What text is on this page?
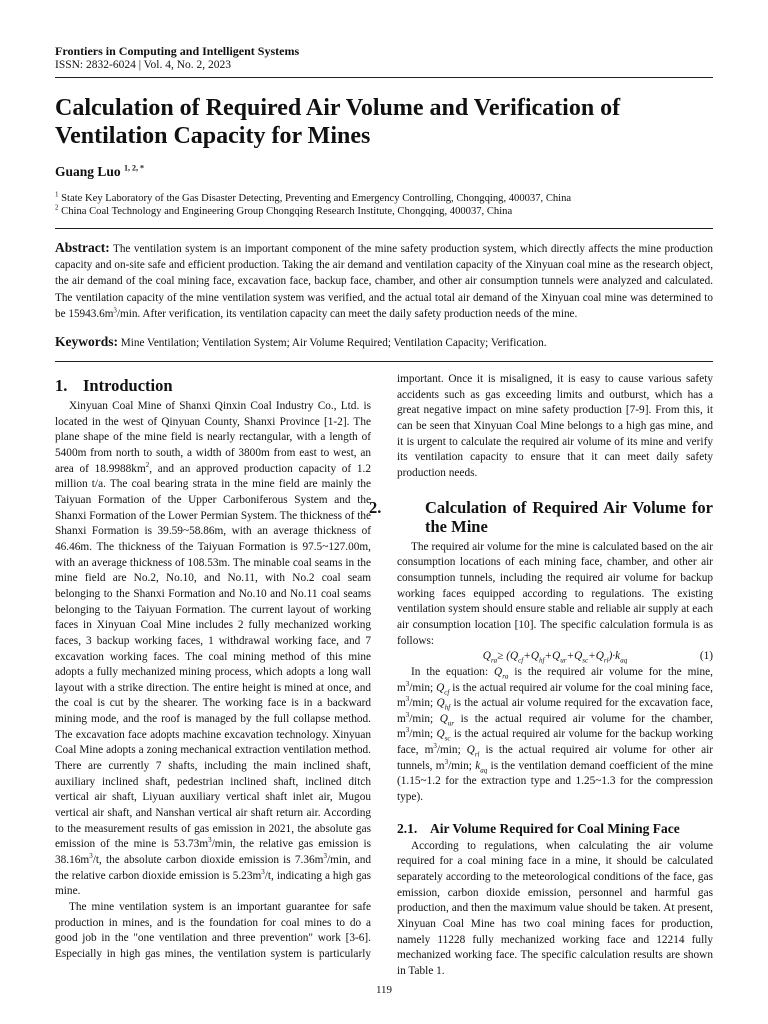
Frontiers in Computing and Intelligent Systems
ISSN: 2832-6024 | Vol. 4, No. 2, 2023
Calculation of Required Air Volume and Verification of Ventilation Capacity for Mines
Guang Luo $^{1, 2, *}$
$^1$ State Key Laboratory of the Gas Disaster Detecting, Preventing and Emergency Controlling, Chongqing, 400037, China
$^2$ China Coal Technology and Engineering Group Chongqing Research Institute, Chongqing, 400037, China
Abstract: The ventilation system is an important component of the mine safety production system, which directly affects the mine production capacity and on-site safe and efficient production. Taking the air demand and ventilation capacity of the Xinyuan coal mine as the research object, the air demand of the coal mining face, excavation face, backup face, chamber, and other air consumption tunnels were analyzed and calculated. The ventilation capacity of the mine ventilation system was verified, and the actual total air demand of the Xinyuan coal mine was determined to be $15943.6m^3/\min$. After verification, its ventilation capacity can meet the daily safety production needs of the mine.
Keywords: Mine Ventilation; Ventilation System; Air Volume Required; Ventilation Capacity; Verification.
1. Introduction

Xinyuan Coal Mine of Shanxi Qinxin Coal Industry Co., Ltd. is located in the west of Qinyuan County, Shanxi Province [1-2]. The plane shape of the mine field is nearly rectangular, with a length of 5400m from north to south, a width of 3800m from east to west, an area of $18.9988km^2$, and an approved production capacity of 1.2 million t/a. The coal bearing strata in the mine field are mainly the Taiyuan Formation of the Upper Carboniferous System and the Shanxi Formation of the Lower Permian System. The thickness of the Shanxi Formation is 39.59~58.86m, with an average thickness of 46.46m. The thickness of the Taiyuan Formation is 97.5~127.00m, with an average thickness of 108.53m. The minable coal seams in the mine field are No.2, No.10, and No.11, with No.2 coal seam belonging to the Shanxi Formation and No.10 and No.11 coal seams belonging to the Taiyuan Formation. The current layout of working faces in Xinyuan Coal Mine includes 2 fully mechanized working faces, 3 backup working faces, 1 withdrawal working face, and 7 excavation working faces. The coal mining method of this mine adopts a fully mechanized mining process, which adopts a long wall layout with a strike direction. The entire height is mined at once, and the coal is cut by the shearer. The working face is in a backward mining mode, and the roof is managed by the full collapse method. The excavation face adopts machine excavation technology. Xinyuan Coal Mine adopts a zoning mechanical extraction ventilation method. There are currently 7 shafts, including the main inclined shaft, auxiliary inclined shaft, pedestrian inclined shaft, inclined ditch vertical air shaft, Liyuan auxiliary vertical shaft inlet air, Mugou vertical air shaft, and Nanshan vertical air shaft return air. According to the measurement results of gas emission in 2021, the absolute gas emission of the mine is $53.73m^3/\min$, the relative gas emission is $38.16m^3/t$, the absolute carbon dioxide emission is $7.36m^3/\min$, and the relative carbon dioxide emission is $5.23m^3/t$, indicating a high gas mine.

The mine ventilation system is an important guarantee for safe production in mines, and is the foundation for coal mines to do a good job in the "one ventilation and three prevention" work [3-6]. Especially in high gas mines, the ventilation system is particularly

important. Once it is misaligned, it is easy to cause various safety accidents such as gas exceeding limits and outburst, which has a great negative impact on mine safety production [7-9]. From this, it can be seen that Xinyuan Coal Mine belongs to a high gas mine, and it is urgent to calculate the required air volume of its mine and verify its ventilation capacity to ensure that it can meet daily safety production needs.

2.	Calculation of Required Air Volume for the Mine

The required air volume for the mine is calculated based on the air consumption locations of each mining face, chamber, and other air consumption tunnels, including the required air volume for backup working faces equipped according to regulations. The existing ventilation system should ensure stable and reliable air supply at each air consumption location [10]. The specific calculation formula is as follows:

$Q_{ra}\ge (Q_{cf}+Q_{hf}+Q_{ur}+Q_{sc}+Q_{rl})\cdot k_{aq}$	(1)

In the equation: $Q_{ra}$ is the required air volume for the mine, $m^3/\min$; $Q_{cf}$ is the actual required air volume for the coal mining face, $m^3/\min$; $Q_{hf}$ is the actual air volume required for the excavation face, $m^3/\min$; $Q_{ur}$ is the actual required air volume for the chamber, $m^3/\min$; $Q_{sc}$ is the actual required air volume for the backup working face, $m^3/\min$; $Q_{rl}$ is the actual required air volume for other air tunnels, $m^3/\min$; $k_{aq}$ is the ventilation demand coefficient of the mine (1.15~1.2 for the extraction type and 1.25~1.3 for the compression type).

2.1. Air Volume Required for Coal Mining Face

According to regulations, when calculating the air volume required for a coal mining face in a mine, it should be calculated separately according to the meteorological conditions of the face, gas emission, carbon dioxide emission, personnel and harmful gas production, and then the maximum value should be taken. At present, Xinyuan Coal Mine has two coal mining faces for production, namely 11228 fully mechanized working face and 12214 fully mechanized working face. The specific calculation results are shown in Table 1.

119
